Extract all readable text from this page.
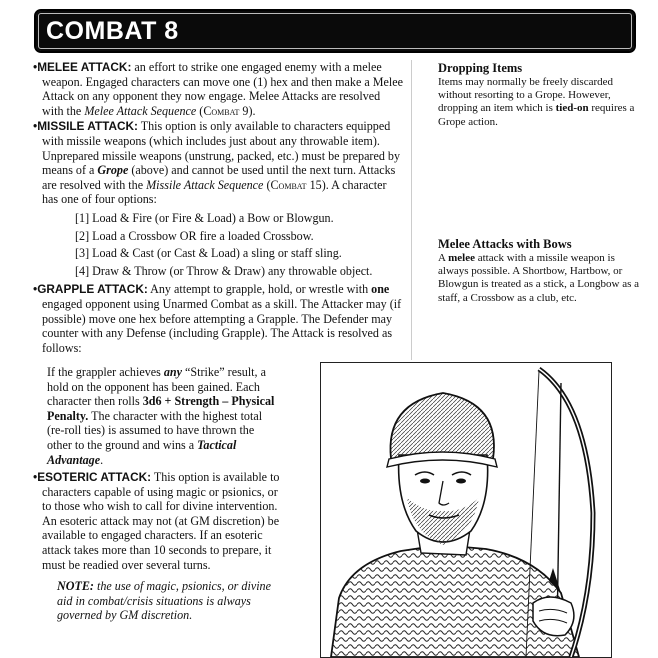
COMBAT 8

•MELEE ATTACK: an effort to strike one engaged enemy with a melee weapon. Engaged characters can move one (1) hex and then make a Melee Attack on any opponent they now engage. Melee Attacks are resolved with the Melee Attack Sequence (Combat 9).

•MISSILE ATTACK: This option is only available to characters equipped with missile weapons (which includes just about any throwable item). Unprepared missile weapons (unstrung, packed, etc.) must be prepared by means of a Grope (above) and cannot be used until the next turn. Attacks are resolved with the Missile Attack Sequence (Combat 15). A character has one of four options:

[1] Load & Fire (or Fire & Load) a Bow or Blowgun.
[2] Load a Crossbow OR fire a loaded Crossbow.
[3] Load & Cast (or Cast & Load) a sling or staff sling.
[4] Draw & Throw (or Throw & Draw) any throwable object.

•GRAPPLE ATTACK: Any attempt to grapple, hold, or wrestle with one engaged opponent using Unarmed Combat as a skill. The Attacker may (if possible) move one hex before attempting a Grapple. The Defender may counter with any Defense (including Grapple). The Attack is resolved as follows:

If the grappler achieves any “Strike” result, a hold on the opponent has been gained. Each character then rolls 3d6 + Strength – Physical Penalty. The character with the highest total (re-roll ties) is assumed to have thrown the other to the ground and wins a Tactical Advantage.

•ESOTERIC ATTACK: This option is available to characters capable of using magic or psionics, or to those who wish to call for divine intervention. An esoteric attack may not (at GM discretion) be available to engaged characters. If an esoteric attack takes more than 10 seconds to prepare, it must be readied over several turns.

NOTE: the use of magic, psionics, or divine aid in combat/crisis situations is always governed by GM discretion.

Dropping Items
Items may normally be freely discarded without resorting to a Grope. However, dropping an item which is tied-on requires a Grope action.
Melee Attacks with Bows
A melee attack with a missile weapon is always possible. A Shortbow, Hartbow, or Blowgun is treated as a stick, a Longbow as a staff, a Crossbow as a club, etc.
